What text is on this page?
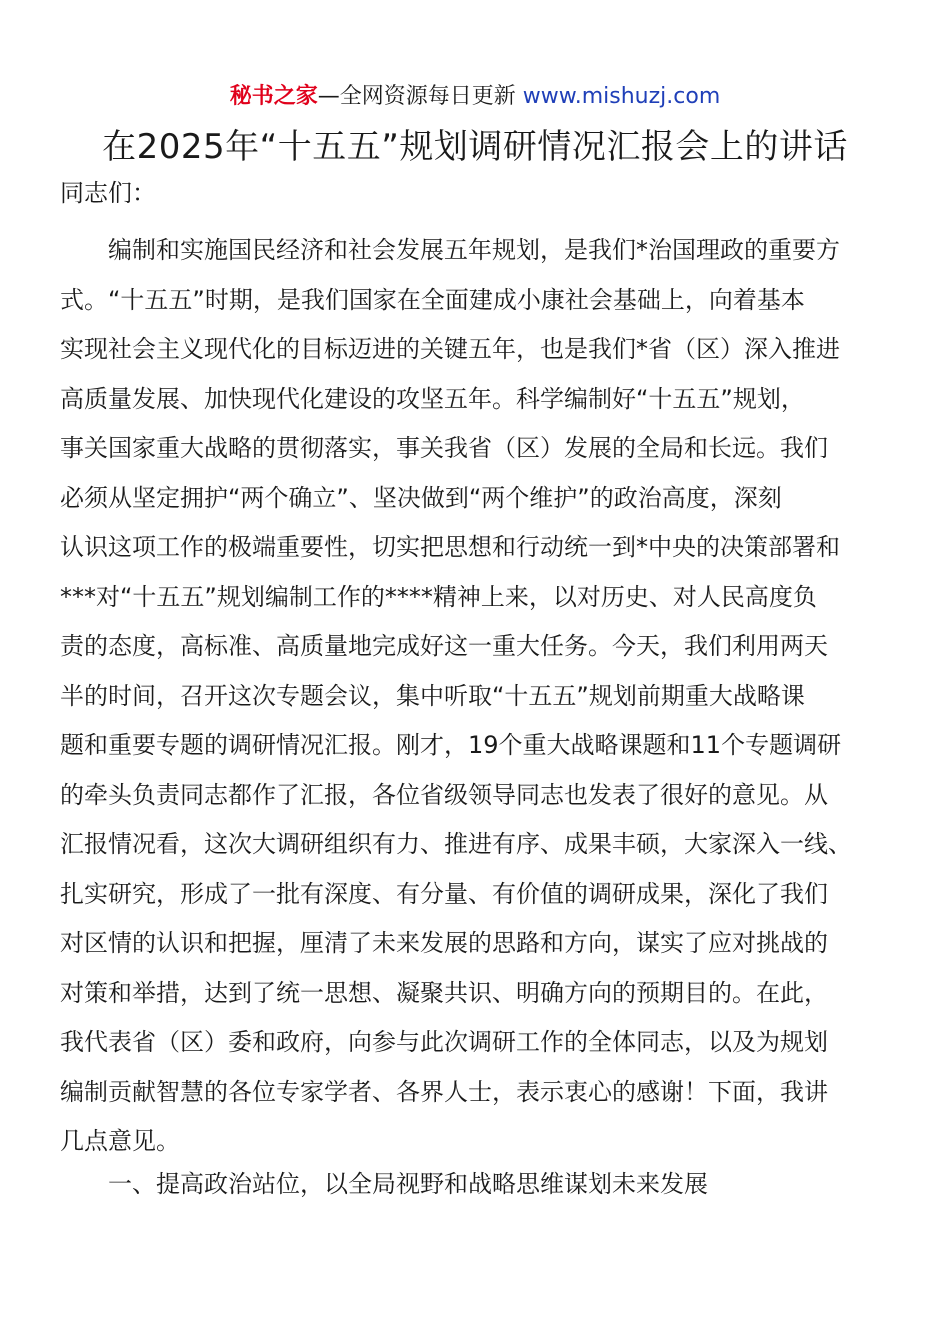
秘书之家—全网资源每日更新 www.mishuzj.com
在2025年“十五五”规划调研情况汇报会上的讲话
同志们：
编制和实施国民经济和社会发展五年规划，是我们*治国理政的重要方
式。“十五五”时期，是我们国家在全面建成小康社会基础上，向着基本
实现社会主义现代化的目标迈进的关键五年，也是我们*省（区）深入推进
高质量发展、加快现代化建设的攻坚五年。科学编制好“十五五”规划，
事关国家重大战略的贯彻落实，事关我省（区）发展的全局和长远。我们
必须从坚定拥护“两个确立”、坚决做到“两个维护”的政治高度，深刻
认识这项工作的极端重要性，切实把思想和行动统一到*中央的决策部署和
***对“十五五”规划编制工作的****精神上来，以对历史、对人民高度负
责的态度，高标准、高质量地完成好这一重大任务。今天，我们利用两天
半的时间，召开这次专题会议，集中听取“十五五”规划前期重大战略课
题和重要专题的调研情况汇报。刚才，19个重大战略课题和11个专题调研
的牵头负责同志都作了汇报，各位省级领导同志也发表了很好的意见。从
汇报情况看，这次大调研组织有力、推进有序、成果丰硕，大家深入一线、
扎实研究，形成了一批有深度、有分量、有价值的调研成果，深化了我们
对区情的认识和把握，厘清了未来发展的思路和方向，谋实了应对挑战的
对策和举措，达到了统一思想、凝聚共识、明确方向的预期目的。在此，
我代表省（区）委和政府，向参与此次调研工作的全体同志，以及为规划
编制贡献智慧的各位专家学者、各界人士，表示衷心的感谢！下面，我讲
几点意见。
一、提高政治站位，以全局视野和战略思维谋划未来发展
